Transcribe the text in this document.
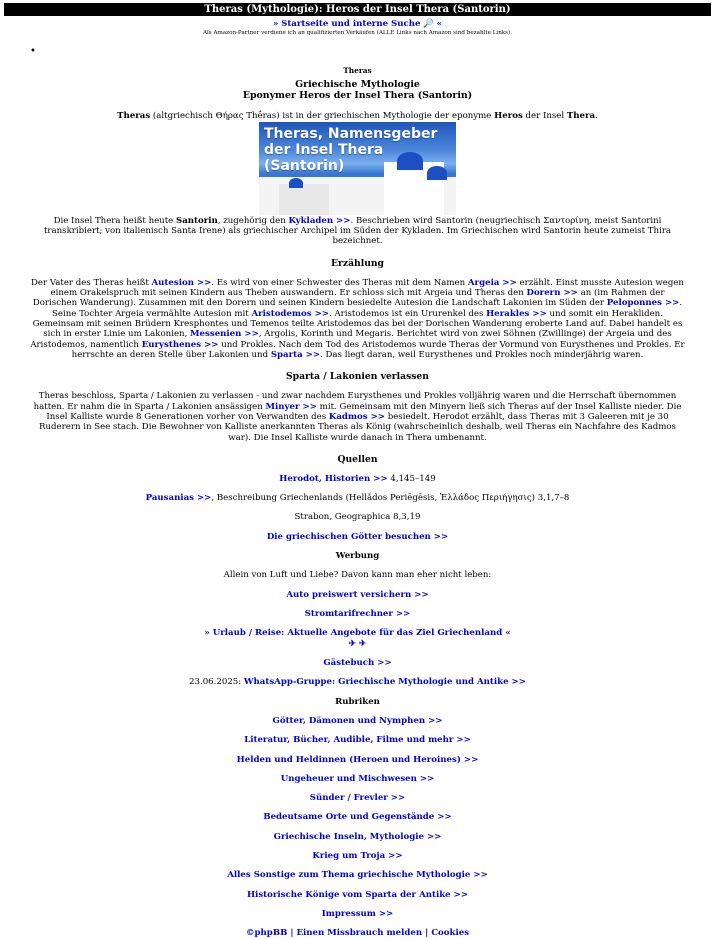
Theras (Mythologie): Heros der Insel Thera (Santorin)
» Startseite und interne Suche 🔎 «
Als Amazon-Partner verdiene ich an qualifizierten Verkäufen (ALLE Links nach Amazon sind bezahlte Links).
•
Theras
Griechische Mythologie
Eponymer Heros der Insel Thera (Santorin)
Theras (altgriechisch Θήρας Thḗras) ist in der griechischen Mythologie der eponyme Heros der Insel Thera.
Theras, Namensgeber der Insel Thera (Santorin)
Die Insel Thera heißt heute Santorin, zugehörig den Kykladen >>. Beschrieben wird Santorin (neugriechisch Σαντορίνη, meist Santorini transkribiert; von italienisch Santa Irene) als griechischer Archipel im Süden der Kykladen. Im Griechischen wird Santorin heute zumeist Thira bezeichnet.
Erzählung
Der Vater des Theras heißt Autesion >>. Es wird von einer Schwester des Theras mit dem Namen Argeia >> erzählt. Einst musste Autesion wegen einem Orakelspruch mit seinen Kindern aus Theben auswandern. Er schloss sich mit Argeia und Theras den Dorern >> an (im Rahmen der Dorischen Wanderung). Zusammen mit den Dorern und seinen Kindern besiedelte Autesion die Landschaft Lakonien im Süden der Peloponnes >>. Seine Tochter Argeia vermählte Autesion mit Aristodemos >>. Aristodemos ist ein Ururenkel des Herakles >> und somit ein Herakliden. Gemeinsam mit seinen Brüdern Kresphontes und Temenos teilte Aristodemos das bei der Dorischen Wanderung eroberte Land auf. Dabei handelt es sich in erster Linie um Lakonien, Messenien >>, Argolis, Korinth und Megaris. Berichtet wird von zwei Söhnen (Zwillinge) der Argeia und des Aristodemos, namentlich Eurysthenes >> und Prokles. Nach dem Tod des Aristodemos wurde Theras der Vormund von Eurysthenes und Prokles. Er herrschte an deren Stelle über Lakonien und Sparta >>. Das liegt daran, weil Eurysthenes und Prokles noch minderjährig waren.
Sparta / Lakonien verlassen
Theras beschloss, Sparta / Lakonien zu verlassen - und zwar nachdem Eurysthenes und Prokles volljährig waren und die Herrschaft übernommen hatten. Er nahm die in Sparta / Lakonien ansässigen Minyer >> mit. Gemeinsam mit den Minyern ließ sich Theras auf der Insel Kalliste nieder. Die Insel Kalliste wurde 8 Generationen vorher von Verwandten des Kadmos >> besiedelt. Herodot erzählt, dass Theras mit 3 Galeeren mit je 30 Ruderern in See stach. Die Bewohner von Kalliste anerkannten Theras als König (wahrscheinlich deshalb, weil Theras ein Nachfahre des Kadmos war). Die Insel Kalliste wurde danach in Thera umbenannt.
Quellen
Herodot, Historien >> 4,145–149
Pausanias >>, Beschreibung Griechenlands (Hellắdos Periēgēsis, Ἑλλάδος Περιήγησις) 3,1,7–8
Strabon, Geographica 8,3,19
Die griechischen Götter besuchen >>
Werbung
Allein von Luft und Liebe? Davon kann man eher nicht leben:
Auto preiswert versichern >>
Stromtarifrechner >>
» Urlaub / Reise: Aktuelle Angebote für das Ziel Griechenland «
✈ ✈
Gästebuch >>
23.06.2025: WhatsApp-Gruppe: Griechische Mythologie und Antike >>
Rubriken
Götter, Dämonen und Nymphen >>
Literatur, Bücher, Audible, Filme und mehr >>
Helden und Heldinnen (Heroen und Heroines) >>
Ungeheuer und Mischwesen >>
Sünder / Frevler >>
Bedeutsame Orte und Gegenstände >>
Griechische Inseln, Mythologie >>
Krieg um Troja >>
Alles Sonstige zum Thema griechische Mythologie >>
Historische Könige vom Sparta der Antike >>
Impressum >>
©phpBB | Einen Missbrauch melden | Cookies
